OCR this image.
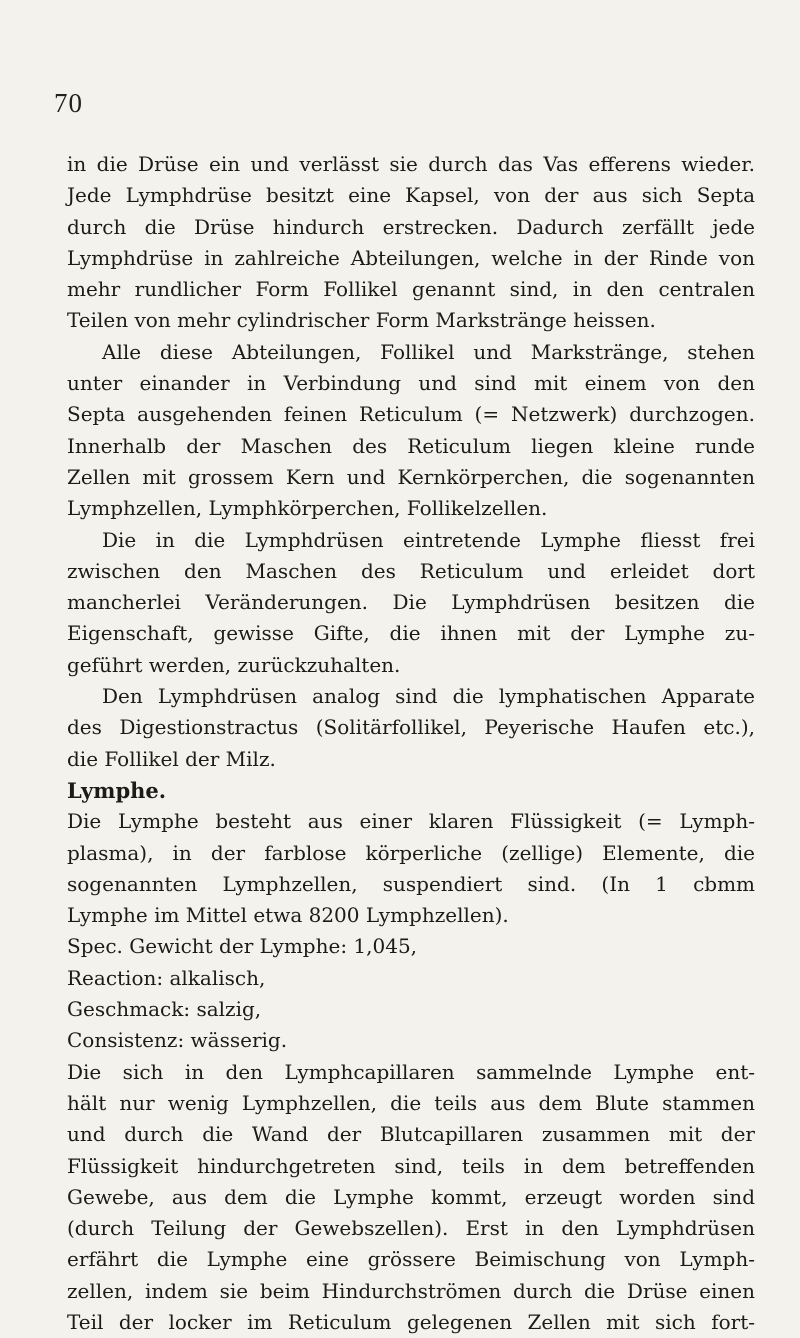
70
in die Drüse ein und verlässt sie durch das Vas efferens wieder.
Jede Lymphdrüse besitzt eine Kapsel, von der aus sich Septa
durch die Drüse hindurch erstrecken. Dadurch zerfällt jede
Lymphdrüse in zahlreiche Abteilungen, welche in der Rinde von
mehr rundlicher Form Follikel genannt sind, in den centralen
Teilen von mehr cylindrischer Form Markstränge heissen.
Alle diese Abteilungen, Follikel und Markstränge, stehen
unter einander in Verbindung und sind mit einem von den
Septa ausgehenden feinen Reticulum (= Netzwerk) durchzogen.
Innerhalb der Maschen des Reticulum liegen kleine runde
Zellen mit grossem Kern und Kernkörperchen, die sogenannten
Lymphzellen, Lymphkörperchen, Follikelzellen.
Die in die Lymphdrüsen eintretende Lymphe fliesst frei
zwischen den Maschen des Reticulum und erleidet dort
mancherlei Veränderungen. Die Lymphdrüsen besitzen die
Eigenschaft, gewisse Gifte, die ihnen mit der Lymphe zu-
geführt werden, zurückzuhalten.
Den Lymphdrüsen analog sind die lymphatischen Apparate
des Digestionstractus (Solitärfollikel, Peyerische Haufen etc.),
die Follikel der Milz.
Lymphe.
Die Lymphe besteht aus einer klaren Flüssigkeit (= Lymph-
plasma), in der farblose körperliche (zellige) Elemente, die
sogenannten Lymphzellen, suspendiert sind. (In 1 cbmm
Lymphe im Mittel etwa 8200 Lymphzellen).
Spec. Gewicht der Lymphe: 1,045,
Reaction: alkalisch,
Geschmack: salzig,
Consistenz: wässerig.
Die sich in den Lymphcapillaren sammelnde Lymphe ent-
hält nur wenig Lymphzellen, die teils aus dem Blute stammen
und durch die Wand der Blutcapillaren zusammen mit der
Flüssigkeit hindurchgetreten sind, teils in dem betreffenden
Gewebe, aus dem die Lymphe kommt, erzeugt worden sind
(durch Teilung der Gewebszellen). Erst in den Lymphdrüsen
erfährt die Lymphe eine grössere Beimischung von Lymph-
zellen, indem sie beim Hindurchströmen durch die Drüse einen
Teil der locker im Reticulum gelegenen Zellen mit sich fort-
